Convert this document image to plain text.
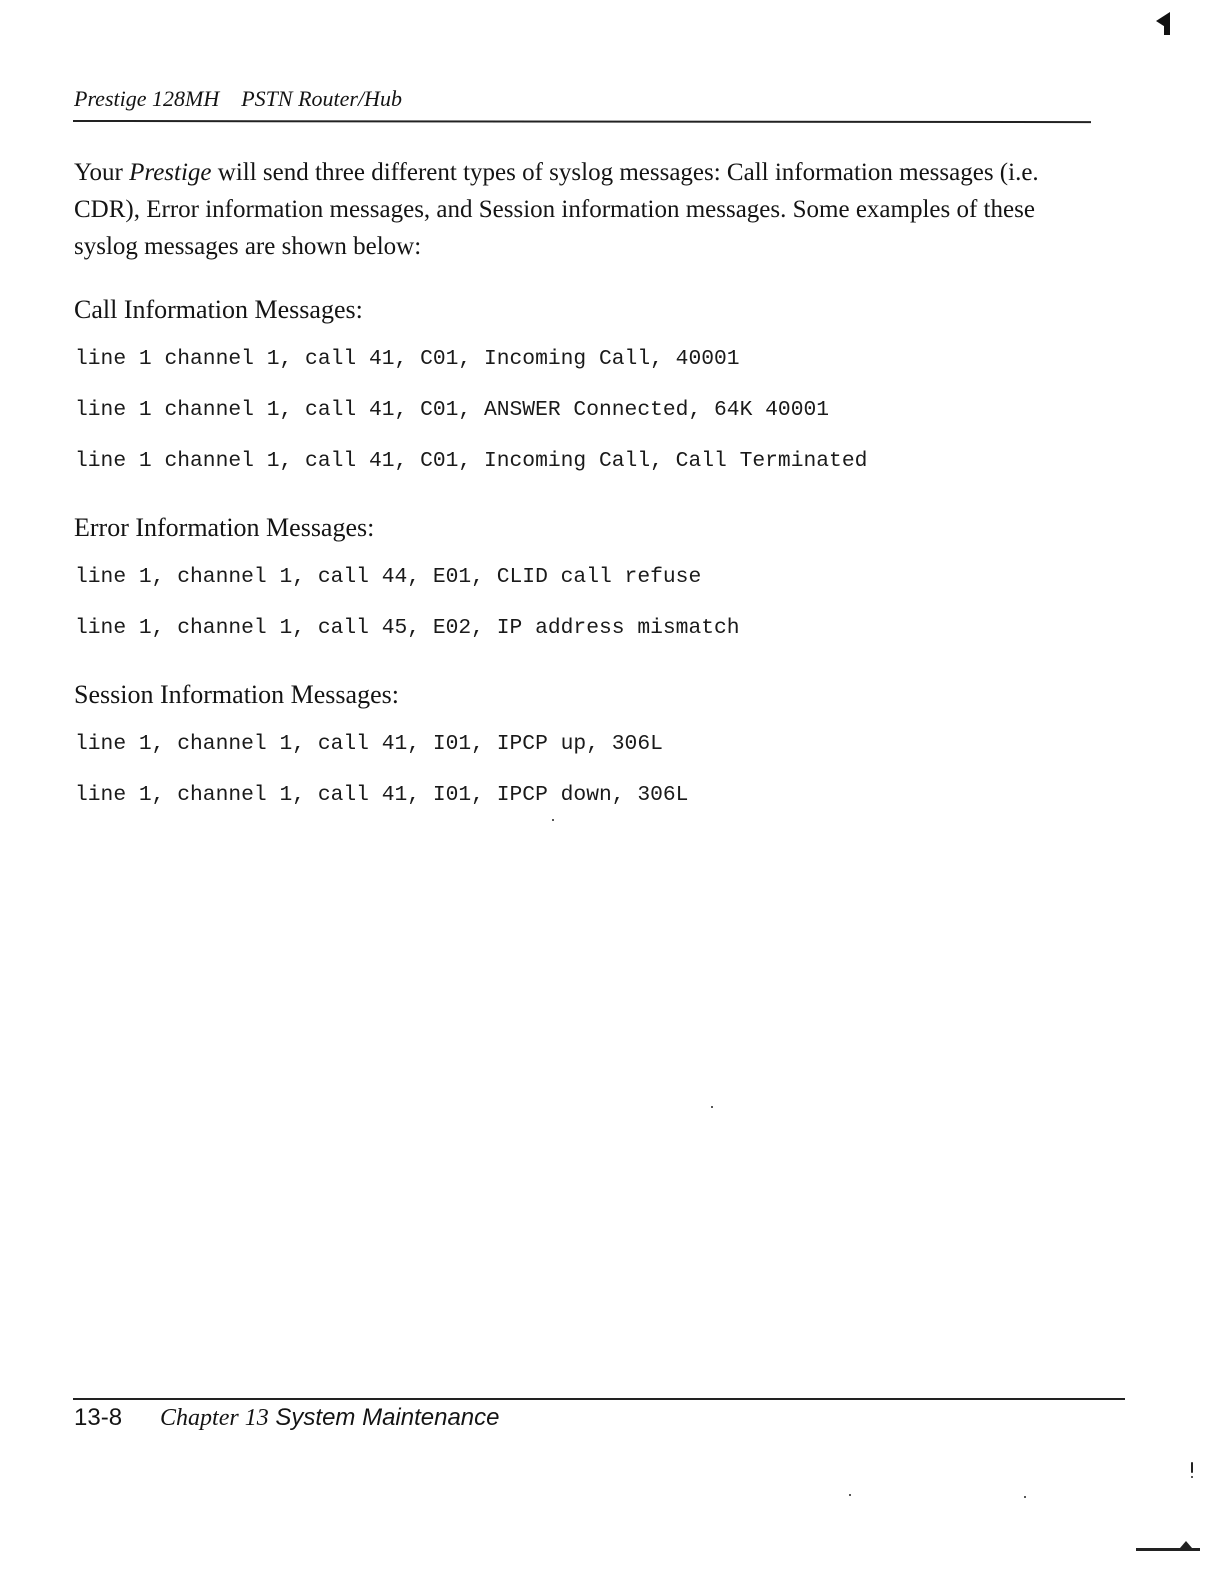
Prestige 128MH PSTN Router/Hub
Your Prestige will send three different types of syslog messages: Call information messages (i.e.
CDR), Error information messages, and Session information messages. Some examples of these
syslog messages are shown below:
Call Information Messages:
line 1 channel 1, call 41, C01, Incoming Call, 40001
line 1 channel 1, call 41, C01, ANSWER Connected, 64K 40001
line 1 channel 1, call 41, C01, Incoming Call, Call Terminated
Error Information Messages:
line 1, channel 1, call 44, E01, CLID call refuse
line 1, channel 1, call 45, E02, IP address mismatch
Session Information Messages:
line 1, channel 1, call 41, I01, IPCP up, 306L
line 1, channel 1, call 41, I01, IPCP down, 306L
13-8 Chapter 13 System Maintenance
